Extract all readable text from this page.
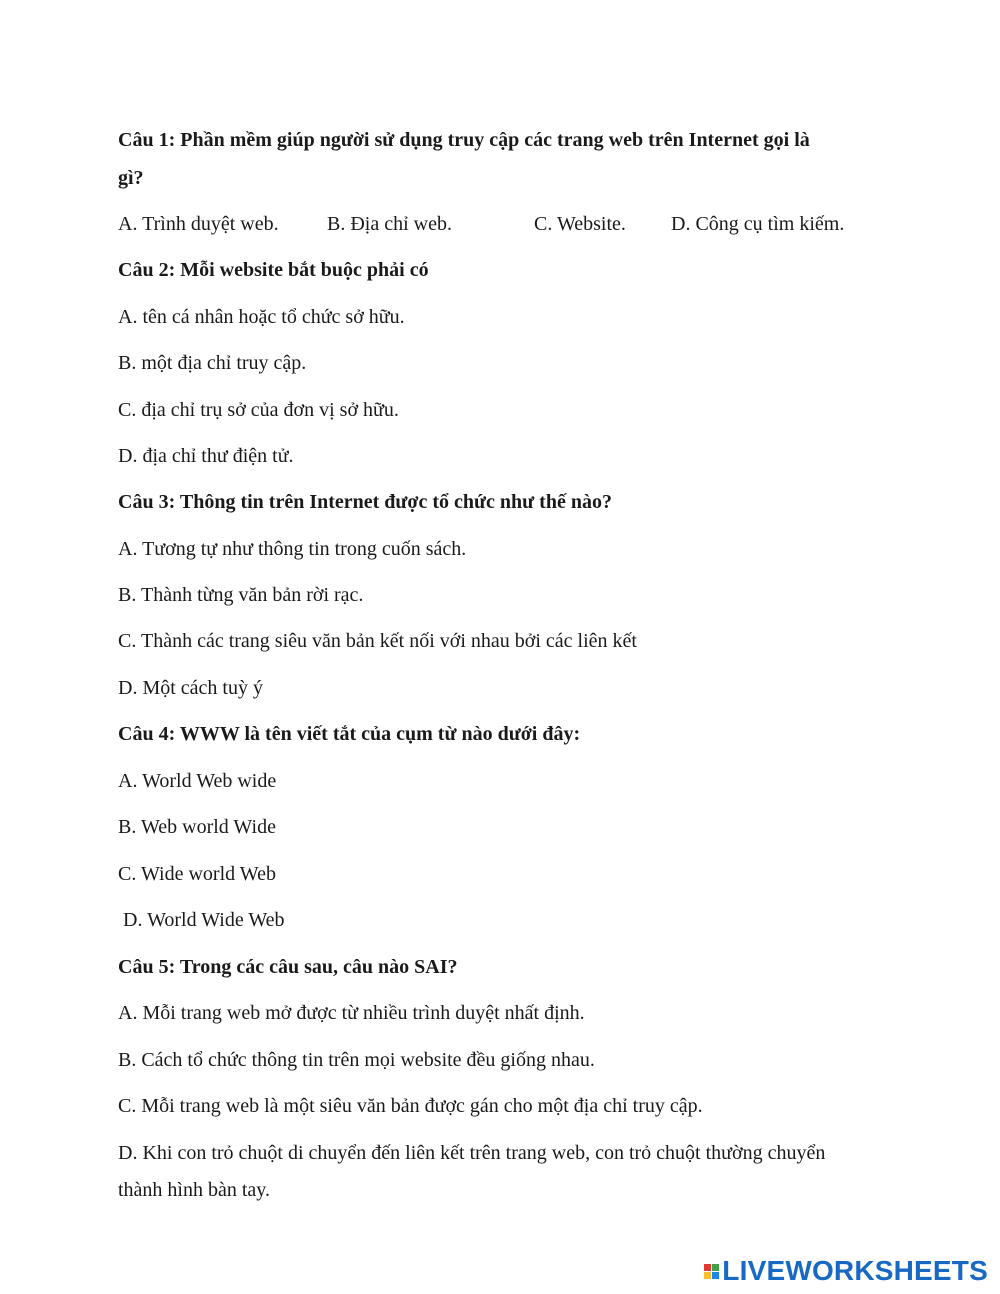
Câu 1: Phần mềm giúp người sử dụng truy cập các trang web trên Internet gọi là
gì?
A. Trình duyệt web. B. Địa chỉ web.	C. Website. D. Công cụ tìm kiếm.
Câu 2: Mỗi website bắt buộc phải có
A. tên cá nhân hoặc tổ chức sở hữu.
B. một địa chỉ truy cập.
C. địa chỉ trụ sở của đơn vị sở hữu.
D. địa chỉ thư điện tử.
Câu 3: Thông tin trên Internet được tổ chức như thế nào?
A. Tương tự như thông tin trong cuốn sách.
B. Thành từng văn bản rời rạc.
C. Thành các trang siêu văn bản kết nối với nhau bởi các liên kết
D. Một cách tuỳ ý
Câu 4: WWW là tên viết tắt của cụm từ nào dưới đây:
A. World Web wide
B. Web world Wide
C. Wide world Web
D. World Wide Web
Câu 5: Trong các câu sau, câu nào SAI?
A. Mỗi trang web mở được từ nhiều trình duyệt nhất định.
B. Cách tổ chức thông tin trên mọi website đều giống nhau.
C. Mỗi trang web là một siêu văn bản được gán cho một địa chỉ truy cập.
D. Khi con trỏ chuột di chuyển đến liên kết trên trang web, con trỏ chuột thường chuyển
thành hình bàn tay.
LIVEWORKSHEETS
